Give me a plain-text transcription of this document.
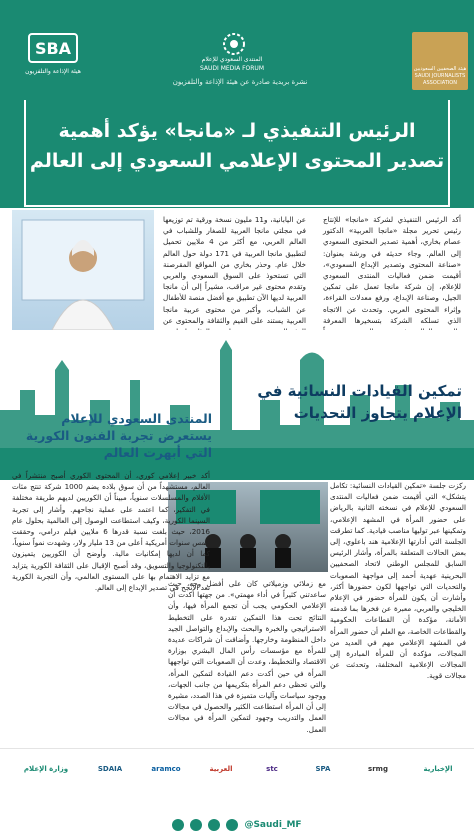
SBA
هيئة الإذاعة والتلفزيون
المنتدى السعودي للإعلام
SAUDI MEDIA FORUM
نشرة بريدية صادرة عن هيئة الإذاعة والتلفزيون
هيئة الصحفيين السعوديين SAUDI JOURNALISTS ASSOCIATION
الرئيس التنفيذي لـ «مانجا» يؤكد أهمية
تصدير المحتوى الإعلامي السعودي إلى العالم
أكد الرئيس التنفيذي لشركة «مانجا» للإنتاج رئيس تحرير مجلة «مانجا العربية» الدكتور عصام بخاري، أهمية تصدير المحتوى السعودي إلى العالم. وجاء حديثه في ورشة بعنوان: «صناعة المحتوى وتصدير الإبداع السعودي»، أقيمت ضمن فعاليات المنتدى السعودي للإعلام، إن شركة مانجا تعمل على تمكين الجيل، وصناعة الإبداع، ورفع معدلات القراءة، وإثراء المحتوى العربي. وتحدث عن الاتجاه الذي تسلكه الشركة بتسخيرها المعرفة
عن اليابانية، و11 مليون نسخة ورقية تم توزيعها في مجلتي مانجا العربية للصغار وللشباب في العالم العربي، مع أكثر من 4 ملايين تحميل لتطبيق مانجا العربية في 171 دولة حول العالم خلال عام. وحذر بخاري من المواقع المقرصنة التي تستحوذ على السوق السعودي والعربي وتقدم محتوى غير مراقب، مشيراً إلى أن مانجا العربية لديها الآن تطبيق مع أفضل منصة للأطفال عن الشباب، وأكبر من محتوى عربية مانجا العربية يستند على القيم والثقافة والمحتوى عن
تمكين القيادات النسائية في الإعلام يتجاوز التحديات
المنتدى السعودي للإعلام يستعرض تجربة الفنون الكورية التي أبهرت العالم
ركزت جلسة «تمكين القيادات النسائية: تكامل يتشكل» التي أقيمت ضمن فعاليات المنتدى السعودي للإعلام في نسخته الثانية بالرياض على حضور المرأة في المشهد الإعلامي، وتمكينها عبر توليها مناصب قيادية. كما تطرقت الجلسة التي أدارتها الإعلامية هند باعلوي، إلى بعض الحالات المتعلقة بالمرأة، وأشار الرئيس السابق للمجلس الوطني لاتحاد الصحفيين البحرينية عهدية أحمد إلى مواجهة الصعوبات والتحديات التي تواجهها لكون حضورها أكثر، وأشارت أن يكون للمرأة حضور في الإعلام الخليجي والعربي، معبرة عن فخرها بما قدمته الأمانة، مؤكدة أن القطاعات الحكومية والقطاعات الخاصة، مع العلم أن حضور المرأة في المشهد الإعلامي مهم في العديد من المجالات، مؤكدة أن للمرأة المبادرة إلى المجالات الإعلامية المختلفة، وتحدثت عن مجالات قوية.
مع زملائي وزميلاتي كان على أفضل وجه، حيث ساعدتني كثيراً في أداء مهمتي». من جهتها أكدت أن الإعلامي الحكومي يجب أن تجمع المرأة فيها، وأن النتائج تحت هذا التمكين تقدرة على التخطيط الاستراتيجي والخبرة والبحث والإبداع والتواصل الجيد داخل المنظومة وخارجها. وأضافت أن شراكات عديدة للمرأة مع مؤسسات رأس المال البشري بوزارة الاقتصاد والتخطيط، وعدت أن الصعوبات التي تواجهها المرأة في حين أكدت دعم القيادة لتمكين المرأة، والتي تحظى دعم المرأة بتكريمها من جانب الجهات، ووجود سياسات وآليات متميزة في هذا الصدد، مشيرة إلى أن المرأة استطاعت الكثير والحصول في مجالات العمل والتدريب وجهود لتمكين المرأة في مجالات العمل.
أكد خبير إعلامي كوري، أن المحتوى الكوري أصبح منتشراً في العالم، مستشهداً من أن سوق بلاده يضم 1000 شركة تنتج مئات الأفلام والمسلسلات سنوياً، مبيناً أن الكوريين لديهم طريقة مختلفة في التفكير، كما اعتمد على عملية نجاحهم. وأشار إلى تجربة السينما الكورية، وكيف استطاعت الوصول إلى العالمية بحلول عام 2016، حيث بلغت نسبة قدرها 6 ملايين فيلم درامي، وحققت خمس سنوات أمريكية أعلى من 13 مليار ولار، وشهدت نمواً سنوياً، كما أن لديها إمكانيات مالية. وأوضح أن الكوريين يتميزون بالتكنولوجيا والتسويق، وقد أصبح الإقبال على الثقافة الكورية يتزايد مع تزايد الاهتمام بها على المستوى العالمي، وأن التجربة الكورية تعد الأنجح في تصدير الإبداع إلى العالم.
الإخبارية
srmg
SPA
stc
العربية
aramco
SDAIA
وزارة الإعلام
@Saudi_MF
